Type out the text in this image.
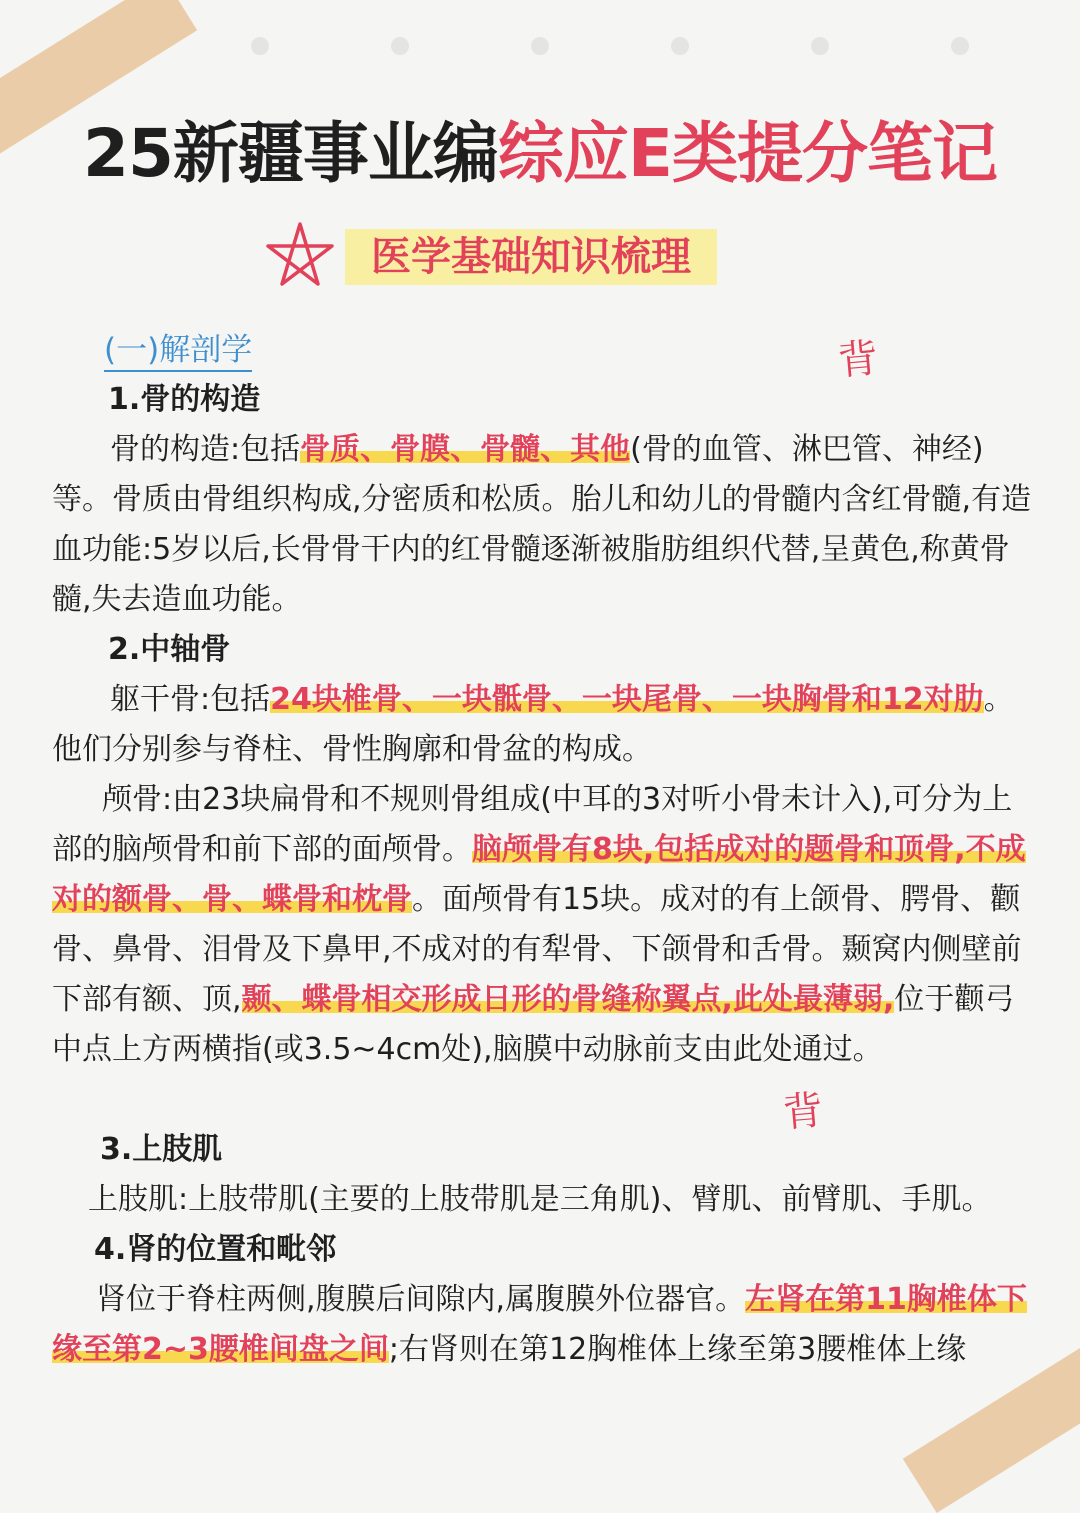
25新疆事业编综应E类提分笔记
医学基础知识梳理
背
背
(一)解剖学
1.骨的构造
骨的构造:包括骨质、骨膜、骨髓、其他(骨的血管、淋巴管、神经)等。骨质由骨组织构成,分密质和松质。胎儿和幼儿的骨髓内含红骨髓,有造血功能:5岁以后,长骨骨干内的红骨髓逐渐被脂肪组织代替,呈黄色,称黄骨髓,失去造血功能。
2.中轴骨
躯干骨:包括24块椎骨、一块骶骨、一块尾骨、一块胸骨和12对肋。他们分别参与脊柱、骨性胸廓和骨盆的构成。
颅骨:由23块扁骨和不规则骨组成(中耳的3对听小骨未计入),可分为上部的脑颅骨和前下部的面颅骨。脑颅骨有8块,包括成对的题骨和顶骨,不成对的额骨、骨、蝶骨和枕骨。面颅骨有15块。成对的有上颌骨、腭骨、颧骨、鼻骨、泪骨及下鼻甲,不成对的有犁骨、下颌骨和舌骨。颞窝内侧壁前下部有额、顶,颞、蝶骨相交形成日形的骨缝称翼点,此处最薄弱,位于颧弓中点上方两横指(或3.5~4cm处),脑膜中动脉前支由此处通过。
3.上肢肌
上肢肌:上肢带肌(主要的上肢带肌是三角肌)、臂肌、前臂肌、手肌。
4.肾的位置和毗邻
肾位于脊柱两侧,腹膜后间隙内,属腹膜外位器官。左肾在第11胸椎体下缘至第2~3腰椎间盘之间;右肾则在第12胸椎体上缘至第3腰椎体上缘
